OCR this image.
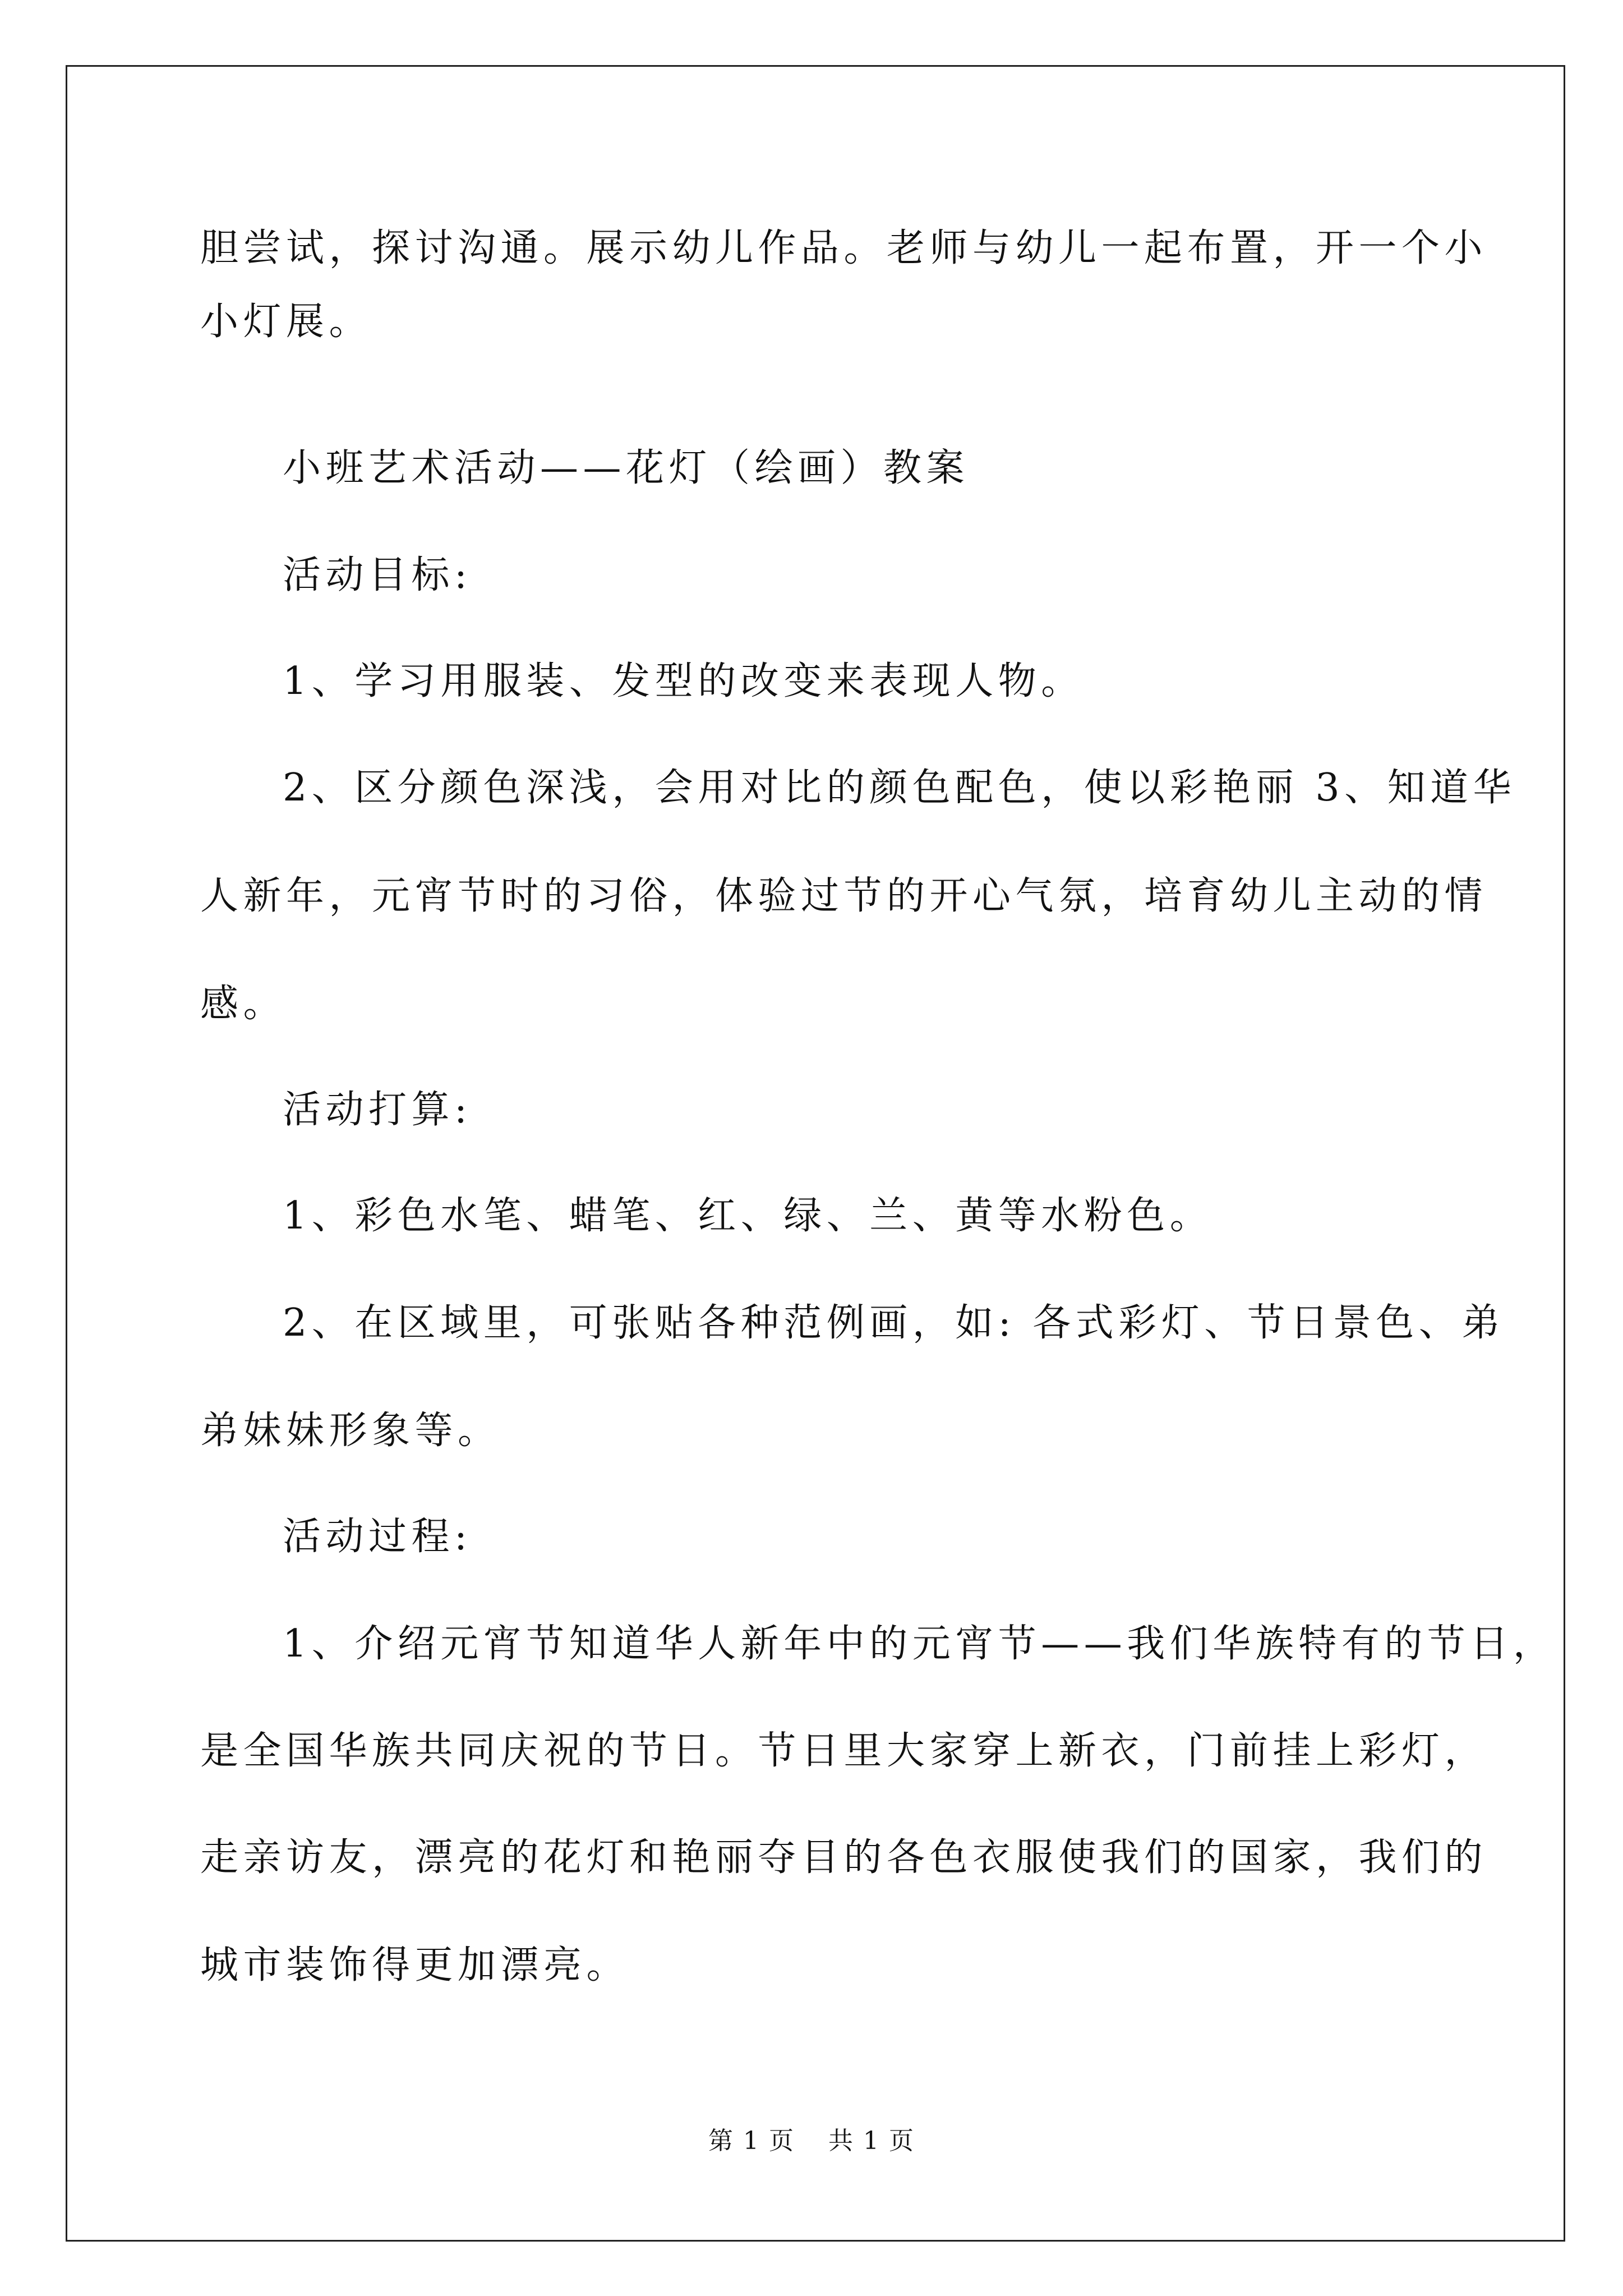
胆尝试，探讨沟通。展示幼儿作品。老师与幼儿一起布置，开一个小
小灯展。
小班艺术活动——花灯（绘画）教案
活动目标:
1、学习用服装、发型的改变来表现人物。
2、区分颜色深浅，会用对比的颜色配色，使以彩艳丽 3、知道华
人新年，元宵节时的习俗，体验过节的开心气氛，培育幼儿主动的情
感。
活动打算:
1、彩色水笔、蜡笔、红、绿、兰、黄等水粉色。
2、在区域里，可张贴各种范例画，如: 各式彩灯、节日景色、弟
弟妹妹形象等。
活动过程:
1、介绍元宵节知道华人新年中的元宵节——我们华族特有的节日，
是全国华族共同庆祝的节日。节日里大家穿上新衣，门前挂上彩灯，
走亲访友，漂亮的花灯和艳丽夺目的各色衣服使我们的国家，我们的
城市装饰得更加漂亮。
第 1 页 共 1 页
